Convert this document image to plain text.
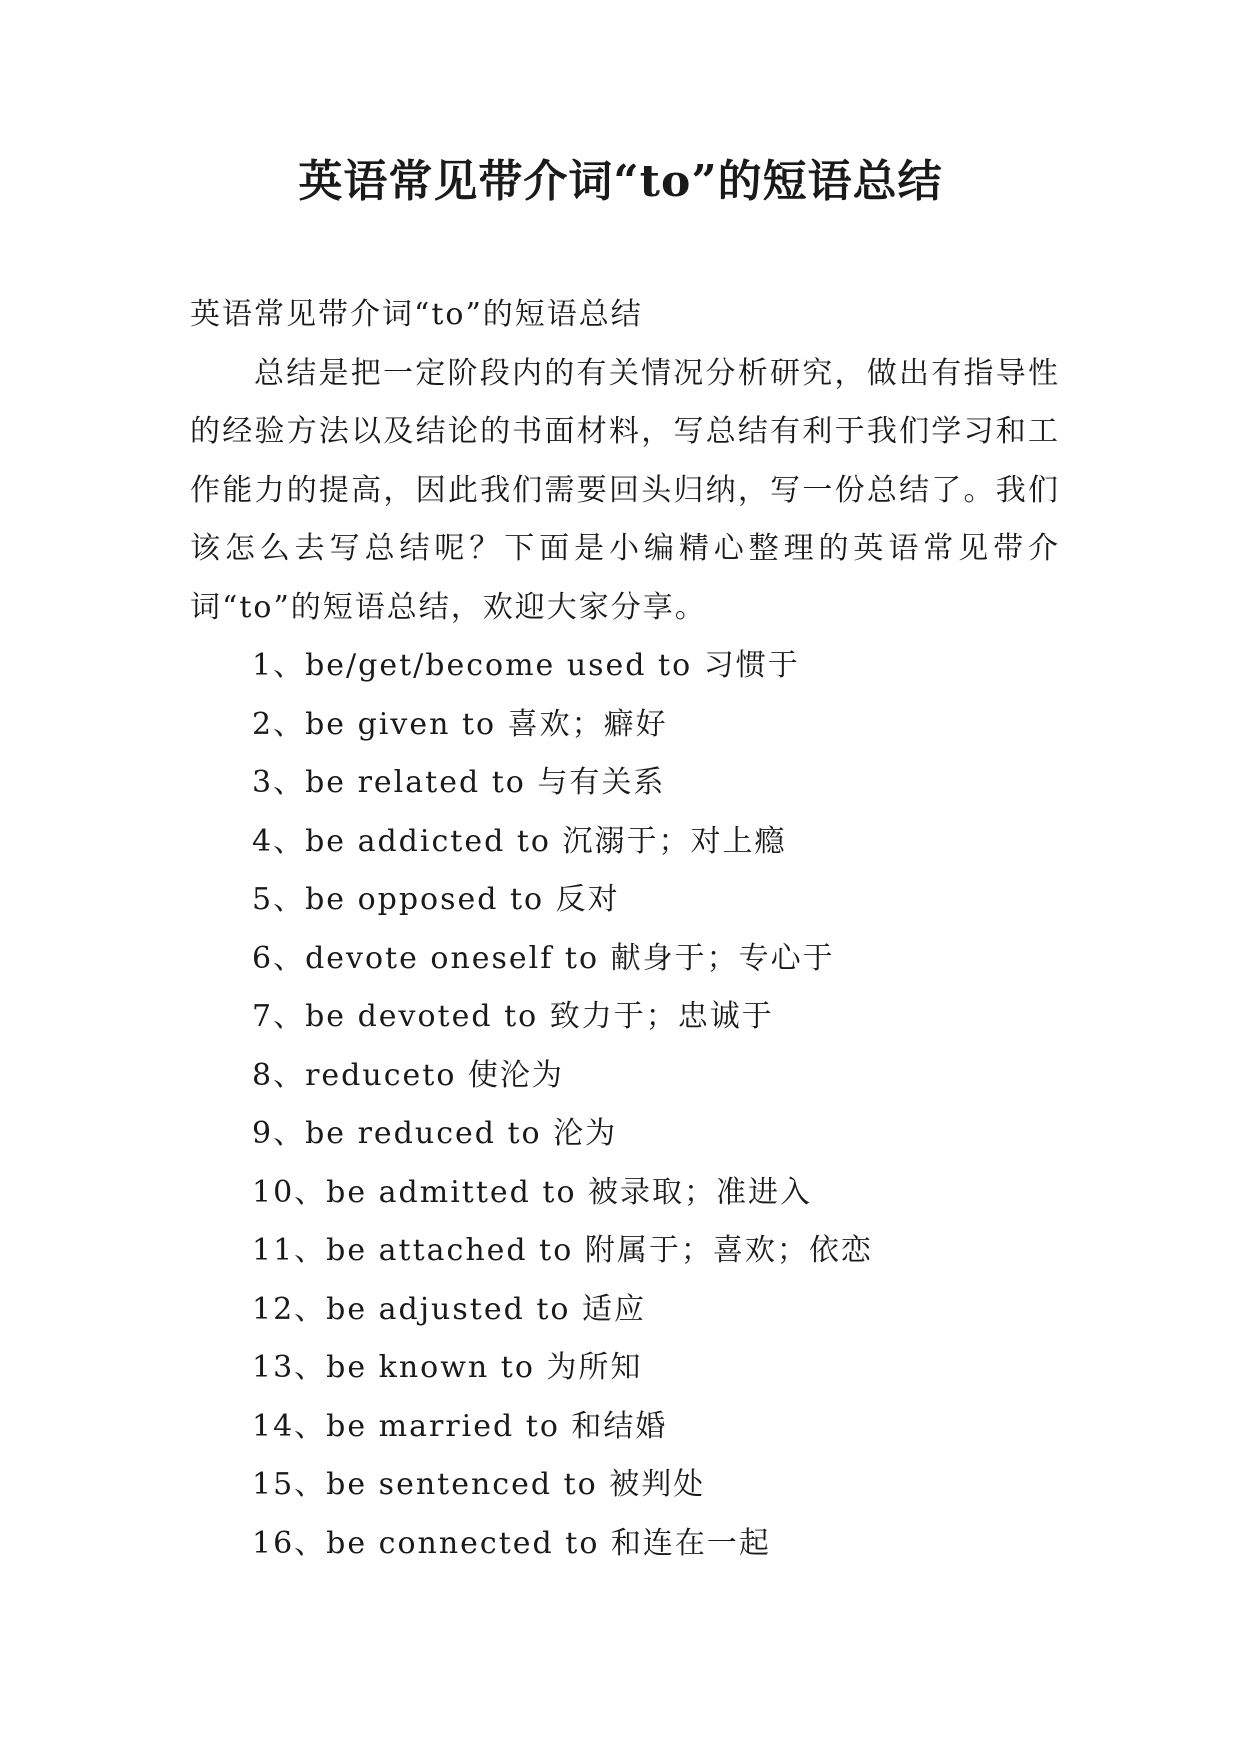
英语常见带介词“to”的短语总结

英语常见带介词“to”的短语总结

总结是把一定阶段内的有关情况分析研究，做出有指导性的经验方法以及结论的书面材料，写总结有利于我们学习和工作能力的提高，因此我们需要回头归纳，写一份总结了。我们该怎么去写总结呢？下面是小编精心整理的英语常见带介词“to”的短语总结，欢迎大家分享。

1、be/get/become used to 习惯于
2、be given to 喜欢；癖好
3、be related to 与有关系
4、be addicted to 沉溺于；对上瘾
5、be opposed to 反对
6、devote oneself to 献身于；专心于
7、be devoted to 致力于；忠诚于
8、reduceto 使沦为
9、be reduced to 沦为
10、be admitted to 被录取；准进入
11、be attached to 附属于；喜欢；依恋
12、be adjusted to 适应
13、be known to 为所知
14、be married to 和结婚
15、be sentenced to 被判处
16、be connected to 和连在一起
